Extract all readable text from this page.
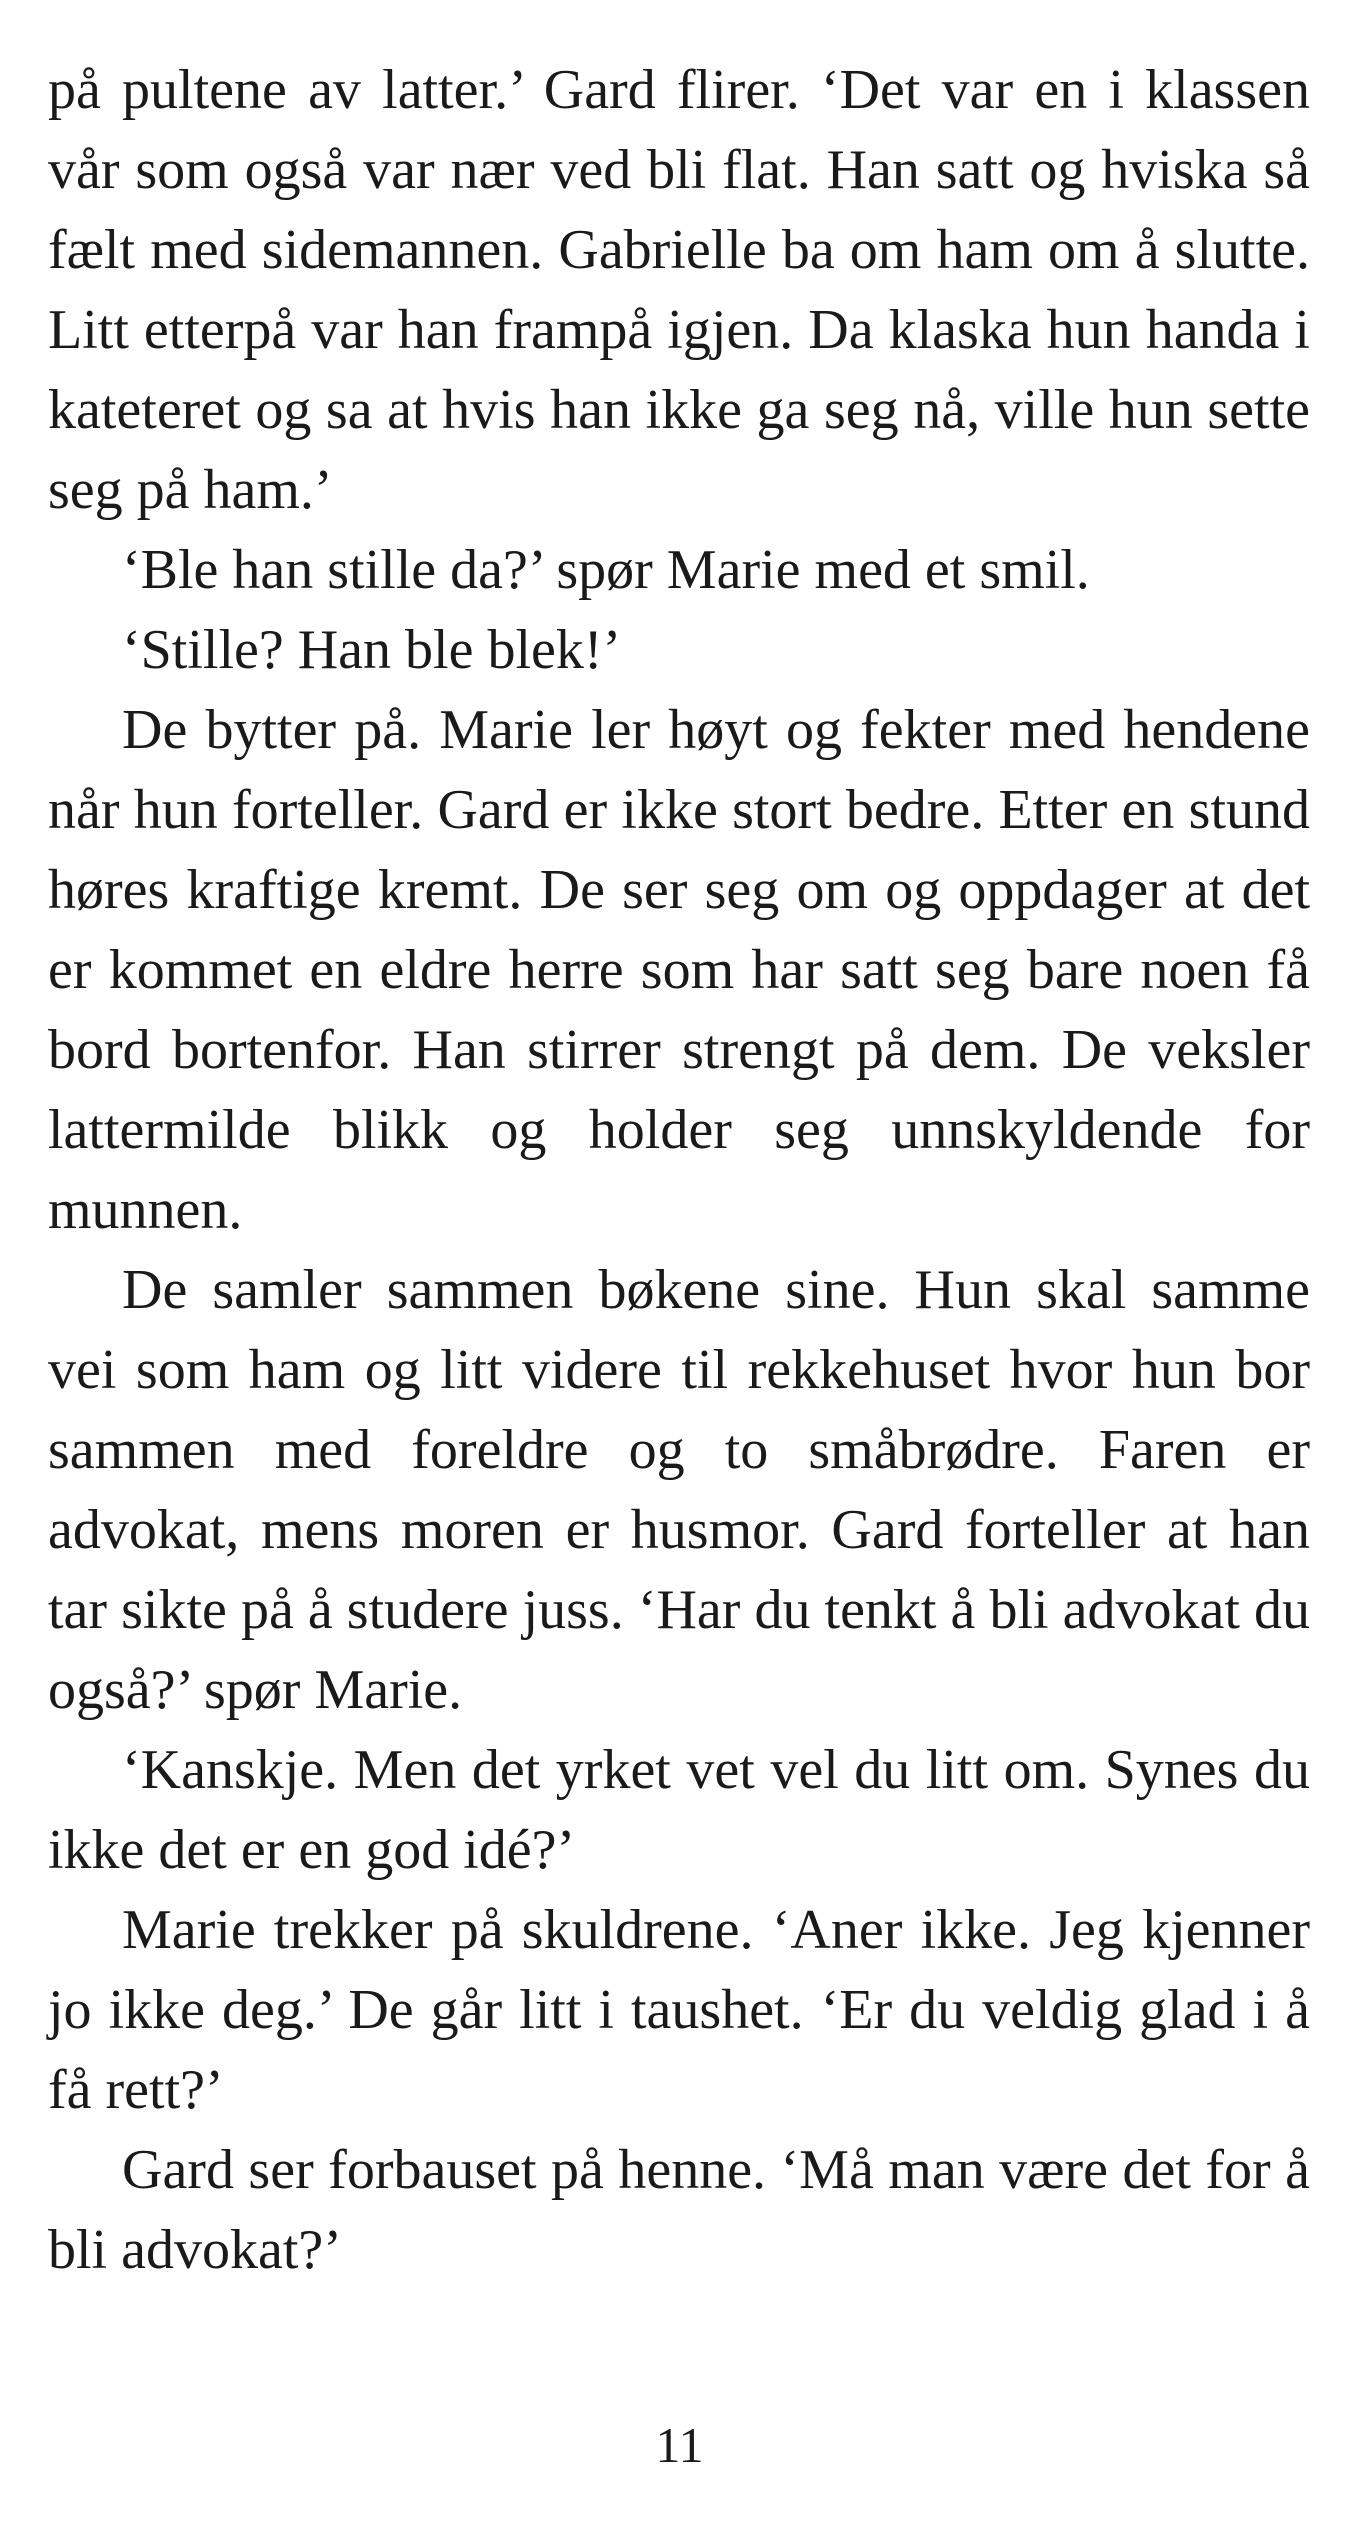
på pultene av latter.’ Gard flirer. ‘Det var en i klassen vår som også var nær ved bli flat. Han satt og hviska så fælt med sidemannen. Gabrielle ba om ham om å slutte. Litt etterpå var han frampå igjen. Da klaska hun handa i kateteret og sa at hvis han ikke ga seg nå, ville hun sette seg på ham.’

‘Ble han stille da?’ spør Marie med et smil.

‘Stille? Han ble blek!’

De bytter på. Marie ler høyt og fekter med hendene når hun forteller. Gard er ikke stort bedre. Etter en stund høres kraftige kremt. De ser seg om og oppdager at det er kommet en eldre herre som har satt seg bare noen få bord bortenfor. Han stirrer strengt på dem. De veksler lattermilde blikk og holder seg unnskyldende for munnen.

De samler sammen bøkene sine. Hun skal samme vei som ham og litt videre til rekkehuset hvor hun bor sammen med foreldre og to småbrødre. Faren er advokat, mens moren er husmor. Gard forteller at han tar sikte på å studere juss. ‘Har du tenkt å bli advokat du også?’ spør Marie.

‘Kanskje. Men det yrket vet vel du litt om. Synes du ikke det er en god idé?’

Marie trekker på skuldrene. ‘Aner ikke. Jeg kjenner jo ikke deg.’ De går litt i taushet. ‘Er du veldig glad i å få rett?’

Gard ser forbauset på henne. ‘Må man være det for å bli advokat?’

11
